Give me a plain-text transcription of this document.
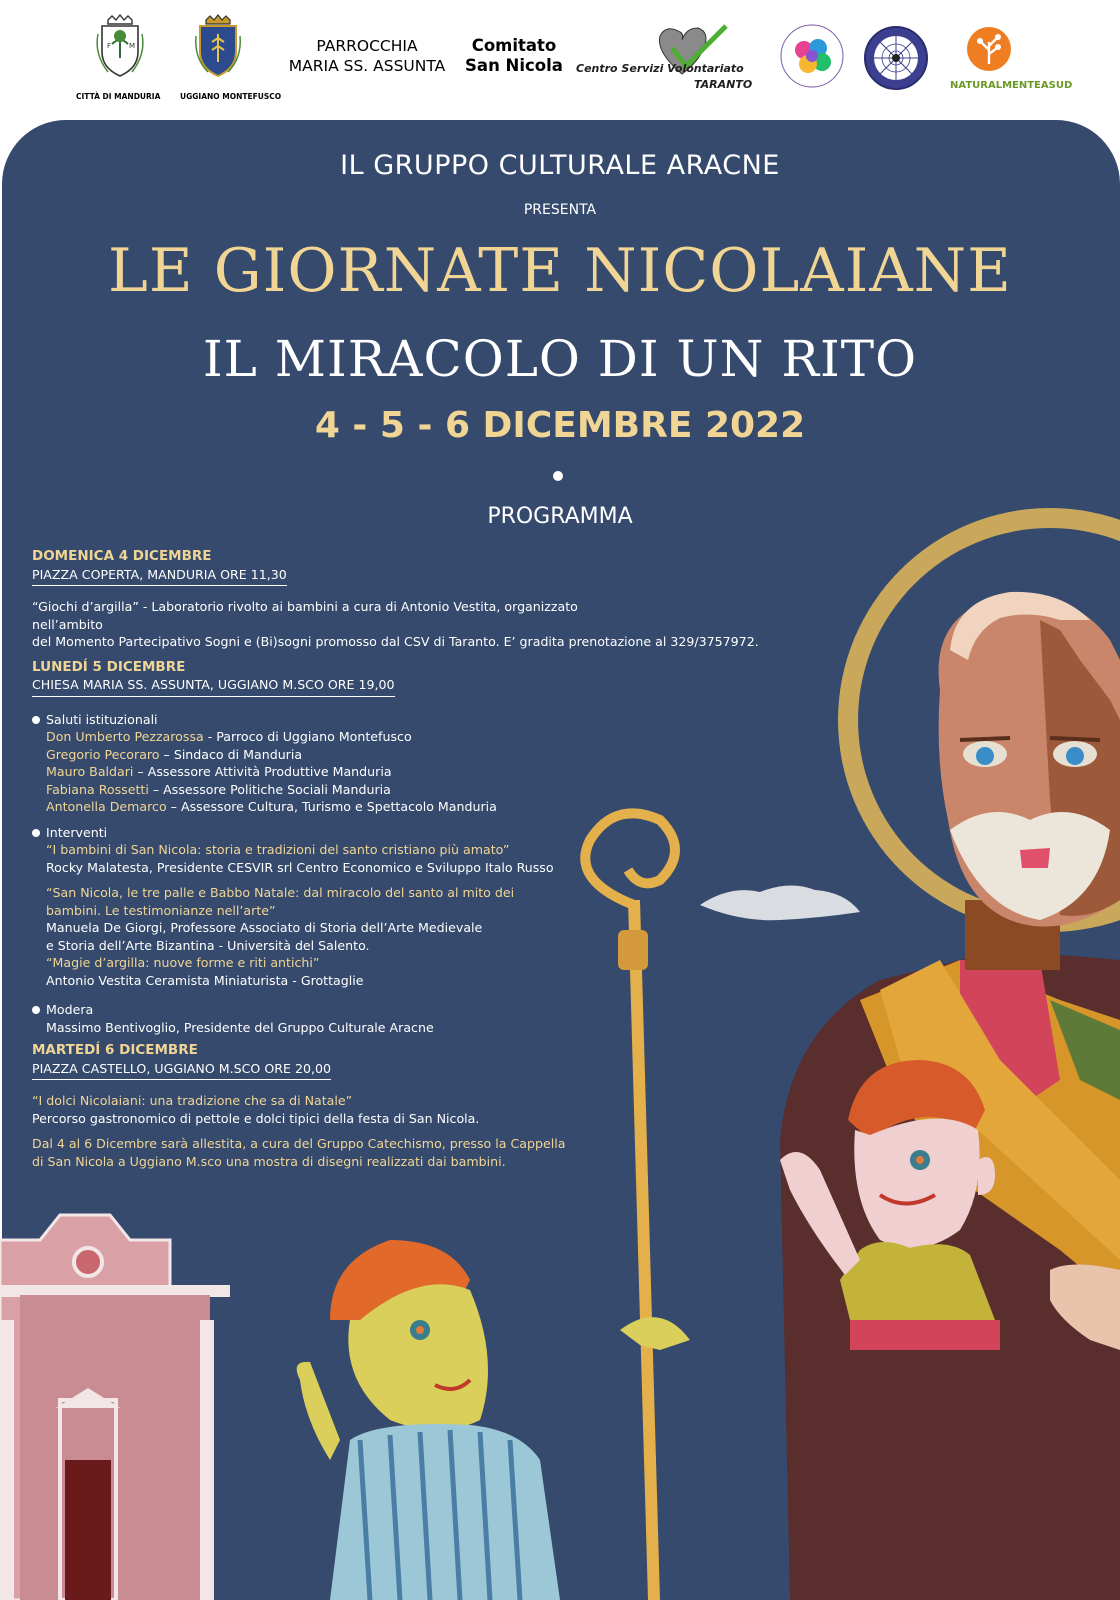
F	M
CITTÀ DI MANDURIA	UGGIANO MONTEFUSCO
PARROCCHIA
MARIA SS. ASSUNTA
Comitato
San Nicola	Centro Servizi Volontariato
TARANTO	NATURALMENTEASUD
IL GRUPPO CULTURALE ARACNE
PRESENTA
LE GIORNATE NICOLAIANE
IL MIRACOLO DI UN RITO
4 - 5 - 6 DICEMBRE 2022
PROGRAMMA
DOMENICA 4 DICEMBRE
PIAZZA COPERTA, MANDURIA ORE 11,30
“Giochi d’argilla” - Laboratorio rivolto ai bambini a cura di Antonio Vestita, organizzato nell’ambito
del Momento Partecipativo Sogni e (Bi)sogni promosso dal CSV di Taranto. E’ gradita prenotazione al 329/3757972.
LUNEDÍ 5 DICEMBRE
CHIESA MARIA SS. ASSUNTA, UGGIANO M.SCO ORE 19,00
Saluti istituzionali
Don Umberto Pezzarossa - Parroco di Uggiano Montefusco
Gregorio Pecoraro – Sindaco di Manduria
Mauro Baldari – Assessore Attività Produttive Manduria
Fabiana Rossetti – Assessore Politiche Sociali Manduria
Antonella Demarco – Assessore Cultura, Turismo e Spettacolo Manduria
Interventi
“I bambini di San Nicola: storia e tradizioni del santo cristiano più amato”
Rocky Malatesta, Presidente CESVIR srl Centro Economico e Sviluppo Italo Russo
“San Nicola, le tre palle e Babbo Natale: dal miracolo del santo al mito dei
bambini. Le testimonianze nell’arte”
Manuela De Giorgi, Professore Associato di Storia dell’Arte Medievale
e Storia dell’Arte Bizantina - Università del Salento.
“Magie d’argilla: nuove forme e riti antichi”
Antonio Vestita Ceramista Miniaturista - Grottaglie
Modera
Massimo Bentivoglio, Presidente del Gruppo Culturale Aracne
MARTEDÍ 6 DICEMBRE
PIAZZA CASTELLO, UGGIANO M.SCO ORE 20,00
“I dolci Nicolaiani: una tradizione che sa di Natale”
Percorso gastronomico di pettole e dolci tipici della festa di San Nicola.
Dal 4 al 6 Dicembre sarà allestita, a cura del Gruppo Catechismo, presso la Cappella
di San Nicola a Uggiano M.sco una mostra di disegni realizzati dai bambini.
